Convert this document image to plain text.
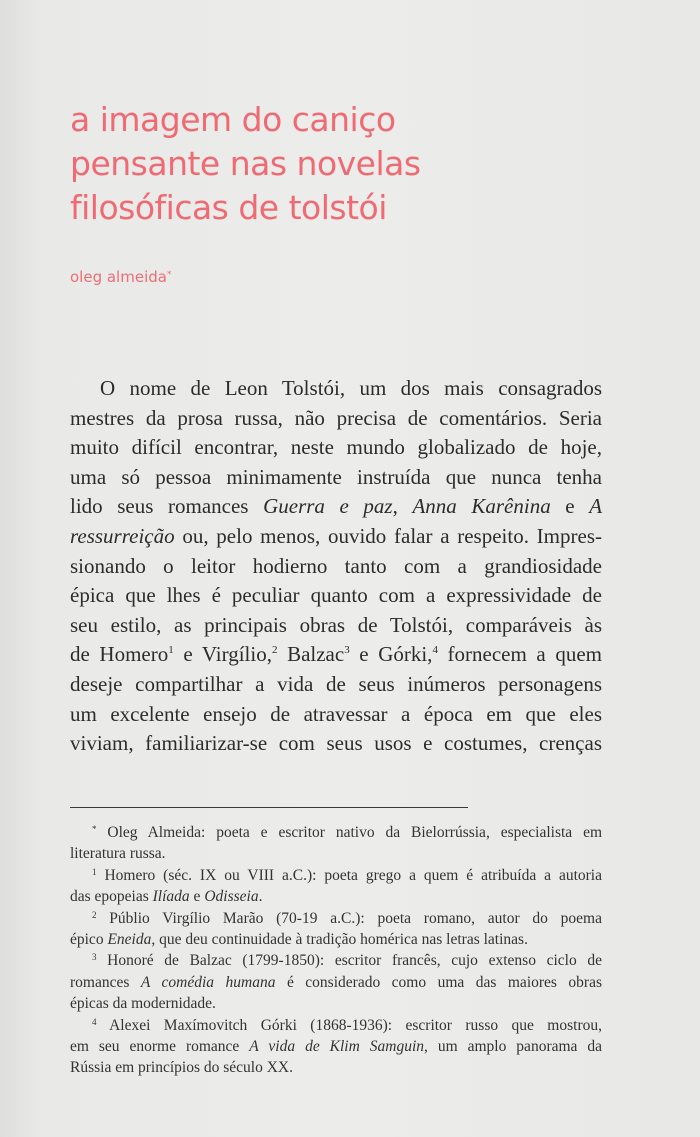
a imagem do caniço
pensante nas novelas
filosóficas de tolstói
oleg almeida*
O nome de Leon Tolstói, um dos mais consagrados
mestres da prosa russa, não precisa de comentários. Seria
muito difícil encontrar, neste mundo globalizado de hoje,
uma só pessoa minimamente instruída que nunca tenha
lido seus romances Guerra e paz, Anna Karênina e A
ressurreição ou, pelo menos, ouvido falar a respeito. Impres-
sionando o leitor hodierno tanto com a grandiosidade
épica que lhes é peculiar quanto com a expressividade de
seu estilo, as principais obras de Tolstói, comparáveis às
de Homero$^1$ e Virgílio,$^2$ Balzac$^3$ e Górki,$^4$ fornecem a quem
deseje compartilhar a vida de seus inúmeros personagens
um excelente ensejo de atravessar a época em que eles
viviam, familiarizar-se com seus usos e costumes, crenças
* Oleg Almeida: poeta e escritor nativo da Bielorrússia, especialista em
literatura russa.
$^1$ Homero (séc. IX ou VIII a.C.): poeta grego a quem é atribuída a autoria
das epopeias Ilíada e Odisseia.
$^2$ Públio Virgílio Marão (70-19 a.C.): poeta romano, autor do poema
épico Eneida, que deu continuidade à tradição homérica nas letras latinas.
$^3$ Honoré de Balzac (1799-1850): escritor francês, cujo extenso ciclo de
romances A comédia humana é considerado como uma das maiores obras
épicas da modernidade.
$^4$ Alexei Maxímovitch Górki (1868-1936): escritor russo que mostrou,
em seu enorme romance A vida de Klim Samguin, um amplo panorama da
Rússia em princípios do século XX.
